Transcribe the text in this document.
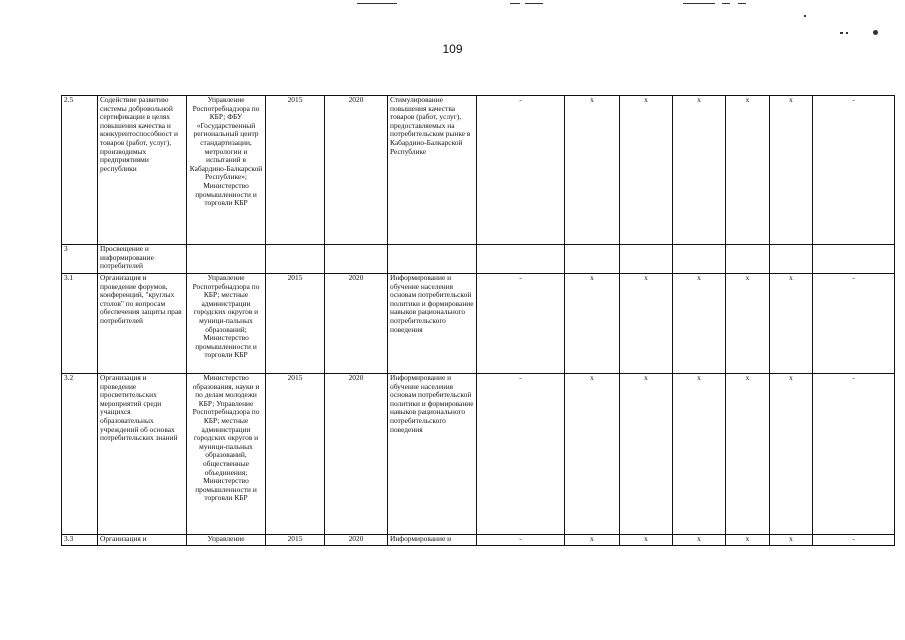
109
2.5	Содействие развитию системы добровольной сертификации в целях повышения качества и конкурентоспособност и товаров (работ, услуг), производимых предприятиями республики	Управление Роспотребнадзора по КБР; ФБУ «Государственный региональный центр стандартизации, метрологии и испытаний в Кабардино-Балкарской Республике»; Министерство промышленности и торговли КБР	2015	2020	Стимулирование повышения качества товаров (работ, услуг), предоставляемых на потребительском рынке в Кабардино-Балкарской Республике	-	х	х	х	х	х	-
3	Просвещение и информирование потребителей											
3.1	Организация и проведение форумов, конференций, "круглых столов" по вопросам обеспечения защиты прав потребителей	Управление Роспотребнадзора по КБР; местные администрации городских округов и муници-пальных образований; Министерство промышленности и торговли КБР	2015	2020	Информирование и обучение населения основам потребительской политики и формирование навыков рационального потребительского поведения	-	х	х	х	х	х	-
3.2	Организация и проведение просветительских мероприятий среди учащихся образовательных учреждений об основах потребительских знаний	Министерство образования, науки и по делам молодежи КБР; Управление Роспотребнадзора по КБР; местные администрации городских округов и муници-пальных образований, общественные объединения; Министерство промышленности и торговли КБР	2015	2020	Информирование и обучение населения основам потребительской политики и формирование навыков рационального потребительского поведения	-	х	х	х	х	х	-
3.3	Организация и	Управление	2015	2020	Информирование и	-	х	х	х	х	х	-
